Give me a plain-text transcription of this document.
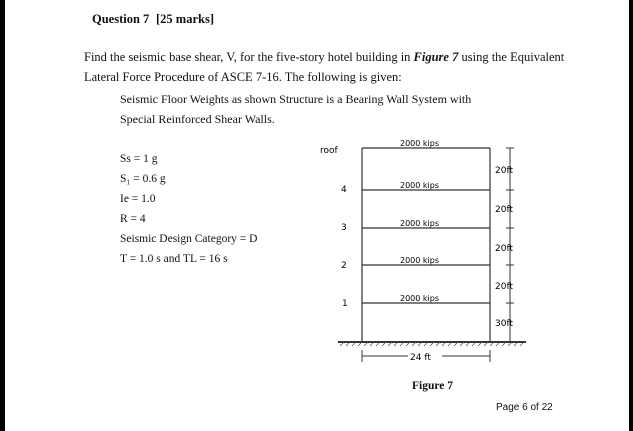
Question 7 [25 marks]
Find the seismic base shear, V, for the five-story hotel building in Figure 7 using the Equivalent
Lateral Force Procedure of ASCE 7-16. The following is given:
Seismic Floor Weights as shown Structure is a Bearing Wall System with
Special Reinforced Shear Walls.
Ss = 1 g
S₁ = 0.6 g
Ie = 1.0
R = 4
Seismic Design Category = D
T = 1.0 s and TL = 16 s
roof
4
3
2
1
2000 kips
2000 kips
2000 kips
2000 kips
2000 kips
20ft
20ft
20ft
20ft
30ft
24 ft
Figure 7
Page 6 of 22
